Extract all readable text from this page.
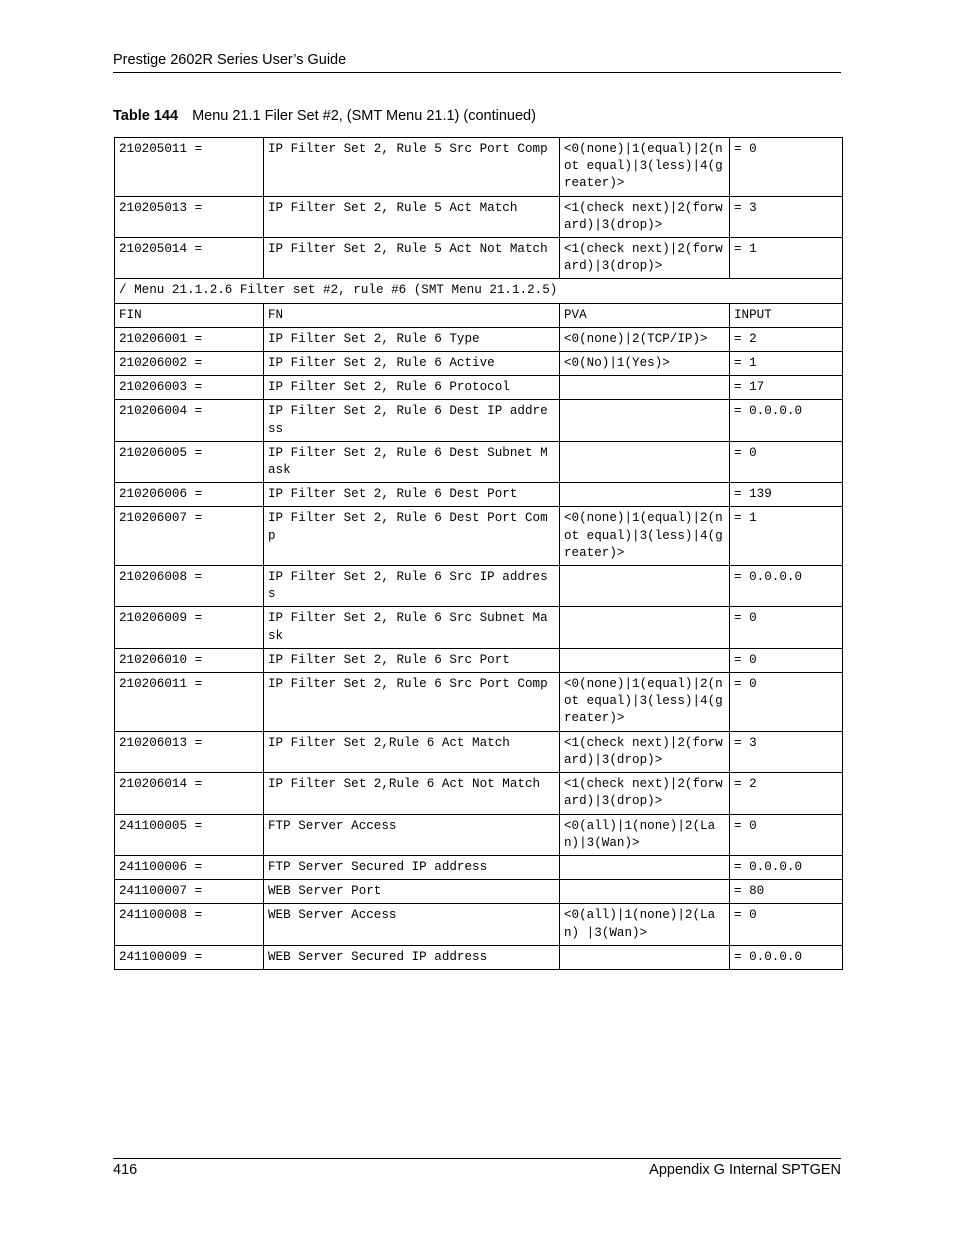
Prestige 2602R Series User’s Guide
Table 144 Menu 21.1 Filer Set #2, (SMT Menu 21.1) (continued)
210205011 =	IP Filter Set 2, Rule 5 Src Port Comp	<0(none)|1(equal)|2(not equal)|3(less)|4(greater)>	= 0
210205013 =	IP Filter Set 2, Rule 5 Act Match	<1(check next)|2(forward)|3(drop)>	= 3
210205014 =	IP Filter Set 2, Rule 5 Act Not Match	<1(check next)|2(forward)|3(drop)>	= 1
/ Menu 21.1.2.6 Filter set #2, rule #6 (SMT Menu 21.1.2.5)			
FIN	FN	PVA	INPUT
210206001 =	IP Filter Set 2, Rule 6 Type	<0(none)|2(TCP/IP)>	= 2
210206002 =	IP Filter Set 2, Rule 6 Active	<0(No)|1(Yes)>	= 1
210206003 =	IP Filter Set 2, Rule 6 Protocol		= 17
210206004 =	IP Filter Set 2, Rule 6 Dest IP address		= 0.0.0.0
210206005 =	IP Filter Set 2, Rule 6 Dest Subnet Mask		= 0
210206006 =	IP Filter Set 2, Rule 6 Dest Port		= 139
210206007 =	IP Filter Set 2, Rule 6 Dest Port Comp	<0(none)|1(equal)|2(not equal)|3(less)|4(greater)>	= 1
210206008 =	IP Filter Set 2, Rule 6 Src IP address		= 0.0.0.0
210206009 =	IP Filter Set 2, Rule 6 Src Subnet Mask		= 0
210206010 =	IP Filter Set 2, Rule 6 Src Port		= 0
210206011 =	IP Filter Set 2, Rule 6 Src Port Comp	<0(none)|1(equal)|2(not equal)|3(less)|4(greater)>	= 0
210206013 =	IP Filter Set 2,Rule 6 Act Match	<1(check next)|2(forward)|3(drop)>	= 3
210206014 =	IP Filter Set 2,Rule 6 Act Not Match	<1(check next)|2(forward)|3(drop)>	= 2
241100005 =	FTP Server Access	<0(all)|1(none)|2(Lan)|3(Wan)>	= 0
241100006 =	FTP Server Secured IP address		= 0.0.0.0
241100007 =	WEB Server Port		= 80
241100008 =	WEB Server Access	<0(all)|1(none)|2(Lan) |3(Wan)>	= 0
241100009 =	WEB Server Secured IP address		= 0.0.0.0
416	Appendix G Internal SPTGEN
